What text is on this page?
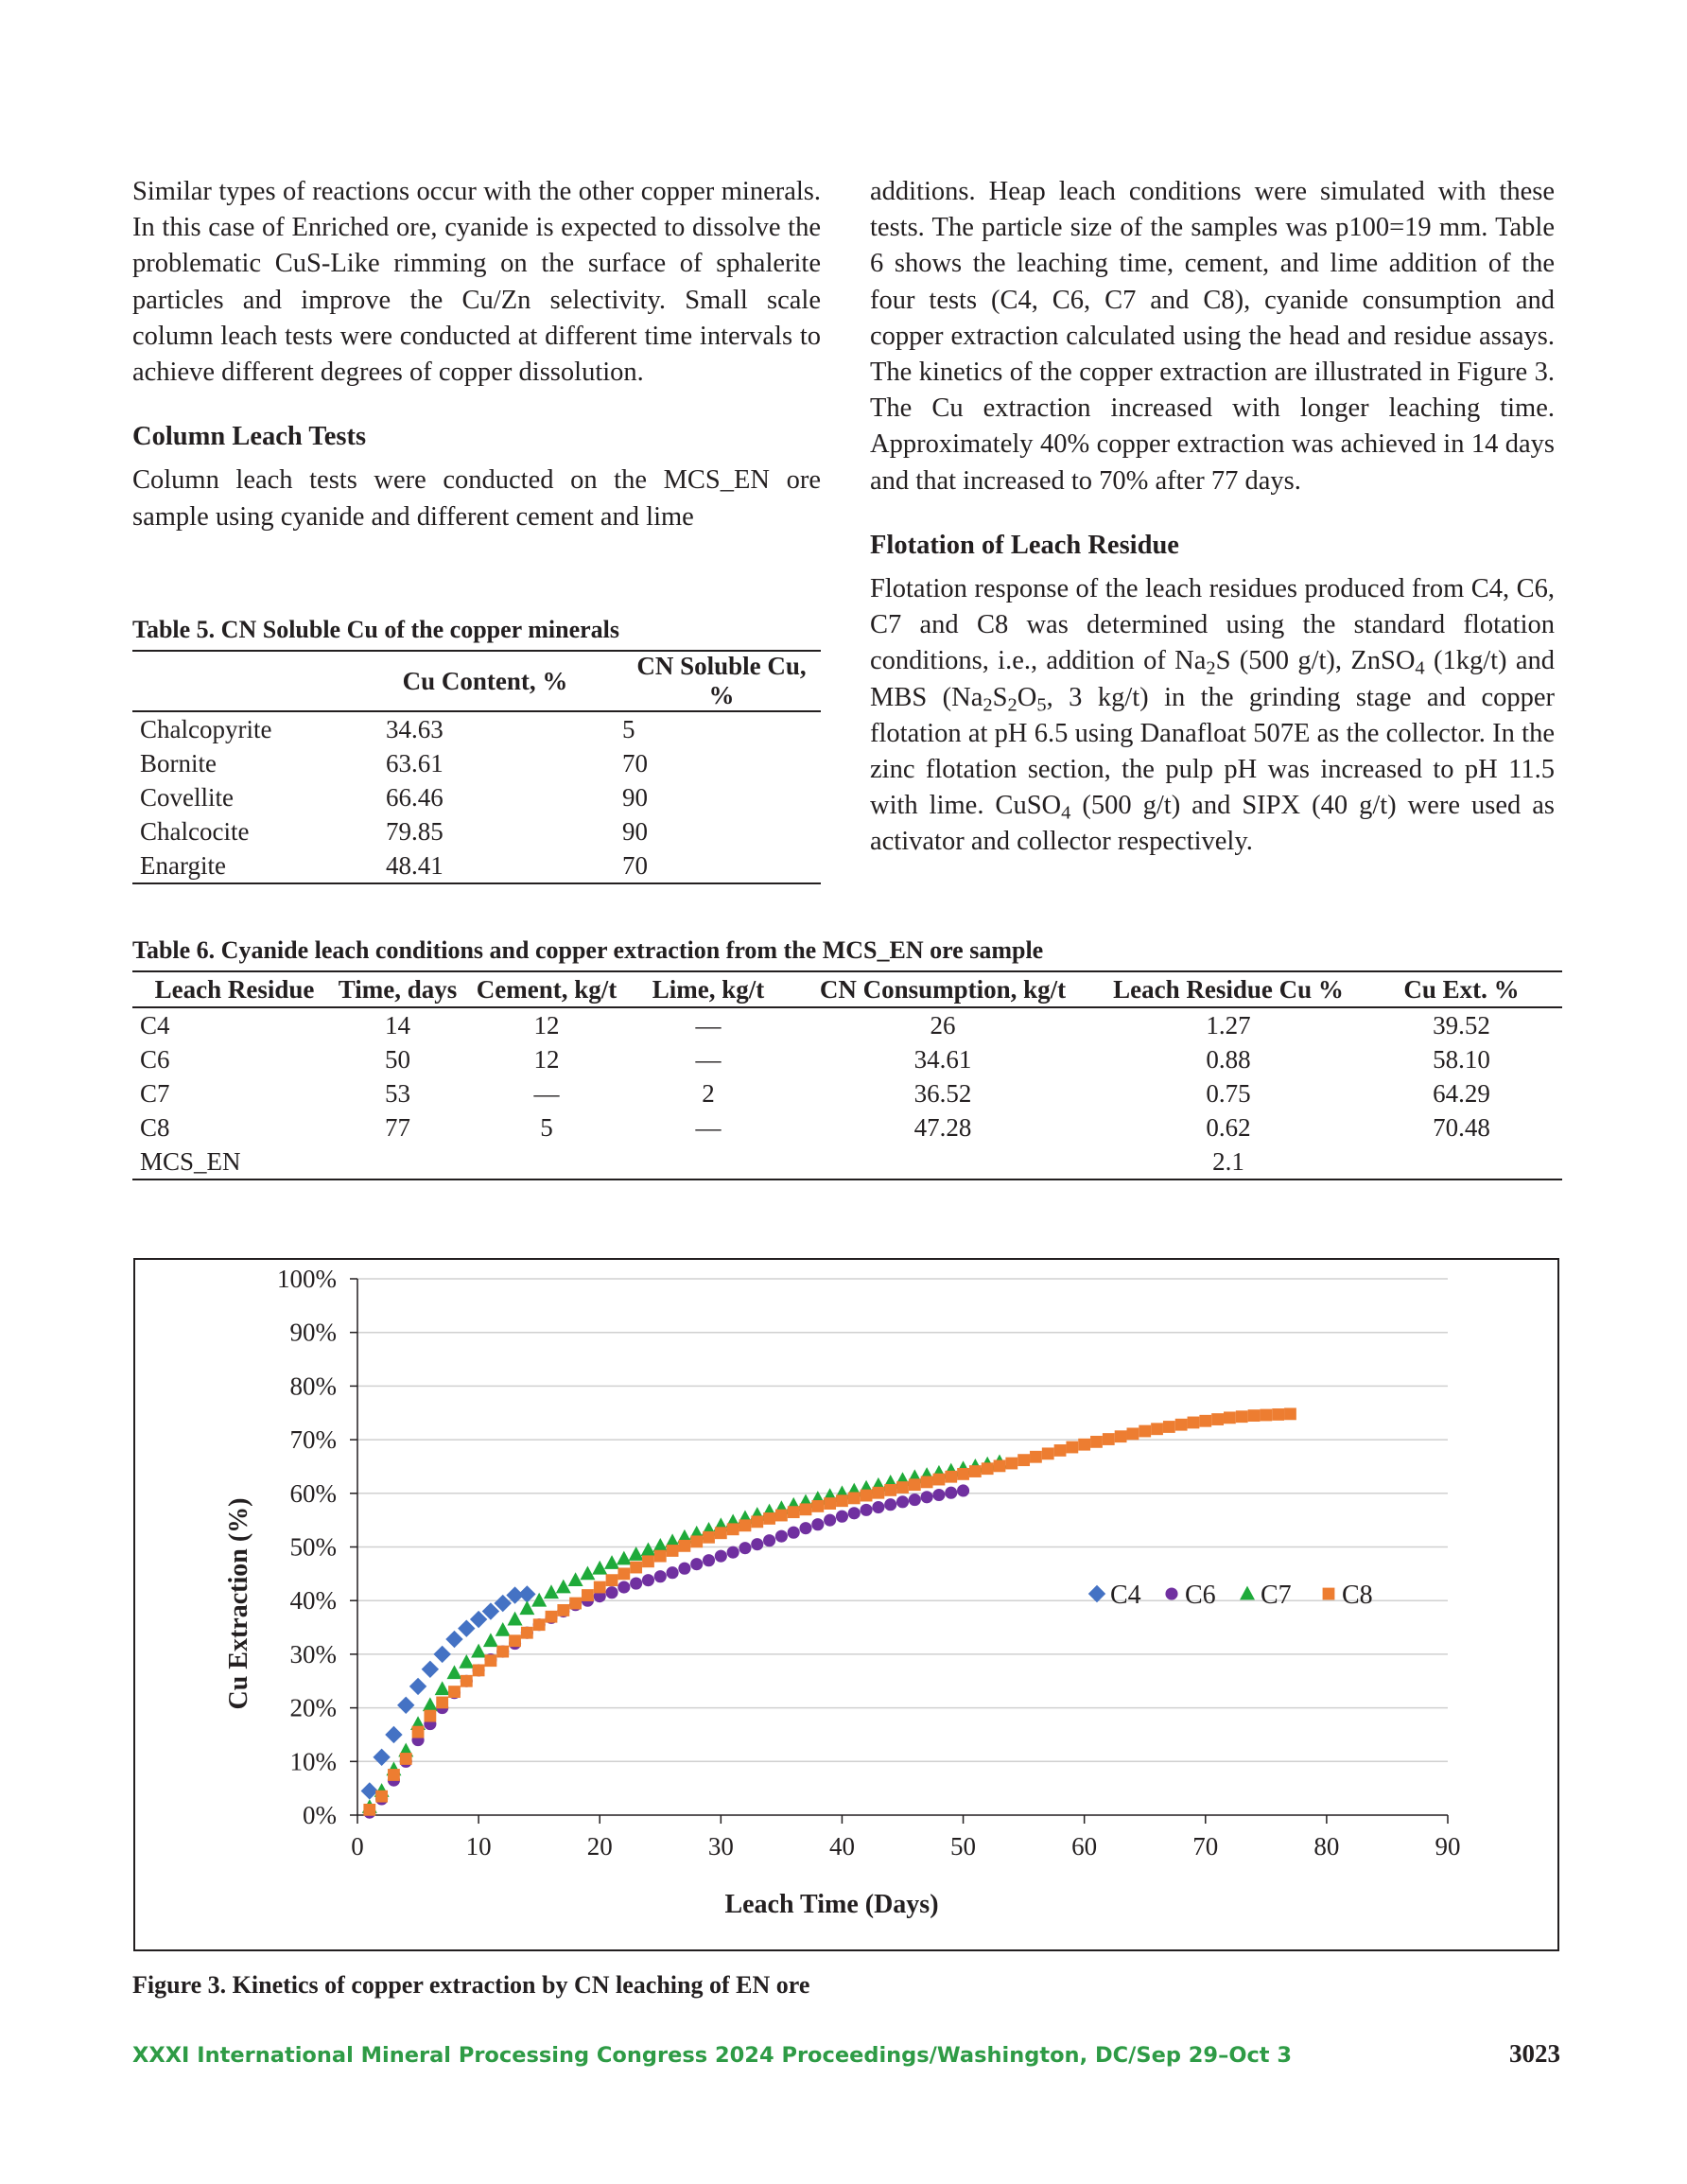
Similar types of reactions occur with the other copper minerals. In this case of Enriched ore, cyanide is expected to dissolve the problematic CuS-Like rimming on the surface of sphalerite particles and improve the Cu/Zn selectivity. Small scale column leach tests were conducted at different time intervals to achieve different degrees of copper dissolution.

Column Leach Tests

Column leach tests were conducted on the MCS_EN ore sample using cyanide and different cement and lime

additions. Heap leach conditions were simulated with these tests. The particle size of the samples was p100=19 mm. Table 6 shows the leaching time, cement, and lime addition of the four tests (C4, C6, C7 and C8), cyanide consumption and copper extraction calculated using the head and residue assays. The kinetics of the copper extraction are illustrated in Figure 3. The Cu extraction increased with longer leaching time. Approximately 40% copper extraction was achieved in 14 days and that increased to 70% after 77 days.

Flotation of Leach Residue

Flotation response of the leach residues produced from C4, C6, C7 and C8 was determined using the standard flotation conditions, i.e., addition of $Na_2S$ (500 g/t), ZnSO$_4$ (1kg/t) and MBS ($Na_2S_2O_5$, 3 kg/t) in the grinding stage and copper flotation at pH 6.5 using Danafloat 507E as the collector. In the zinc flotation section, the pulp pH was increased to pH 11.5 with lime. CuSO$_4$ (500 g/t) and SIPX (40 g/t) were used as activator and collector respectively.

Table 5. CN Soluble Cu of the copper minerals
	Cu Content, %	CN Soluble Cu, %
Chalcopyrite	34.63	5
Bornite	63.61	70
Covellite	66.46	90
Chalcocite	79.85	90
Enargite	48.41	70
Table 6. Cyanide leach conditions and copper extraction from the MCS_EN ore sample
Leach Residue	Time, days	Cement, kg/t	Lime, kg/t	CN Consumption, kg/t	Leach Residue Cu %	Cu Ext. %
C4	14	12	—	26	1.27	39.52
C6	50	12	—	34.61	0.88	58.10
C7	53	—	2	36.52	0.75	64.29
C8	77	5	—	47.28	0.62	70.48
MCS_EN					2.1	
0%
10%
20%
30%
40%
50%
60%
70%
80%
90%
100%
0	10	20	30	40	50	60	70	80	90
Leach Time (Days)
Cu Extraction (%)	C4 C6 C7 C8
Figure 3. Kinetics of copper extraction by CN leaching of EN ore
XXXI International Mineral Processing Congress 2024 Proceedings/Washington, DC/Sep 29–Oct 3	3023
